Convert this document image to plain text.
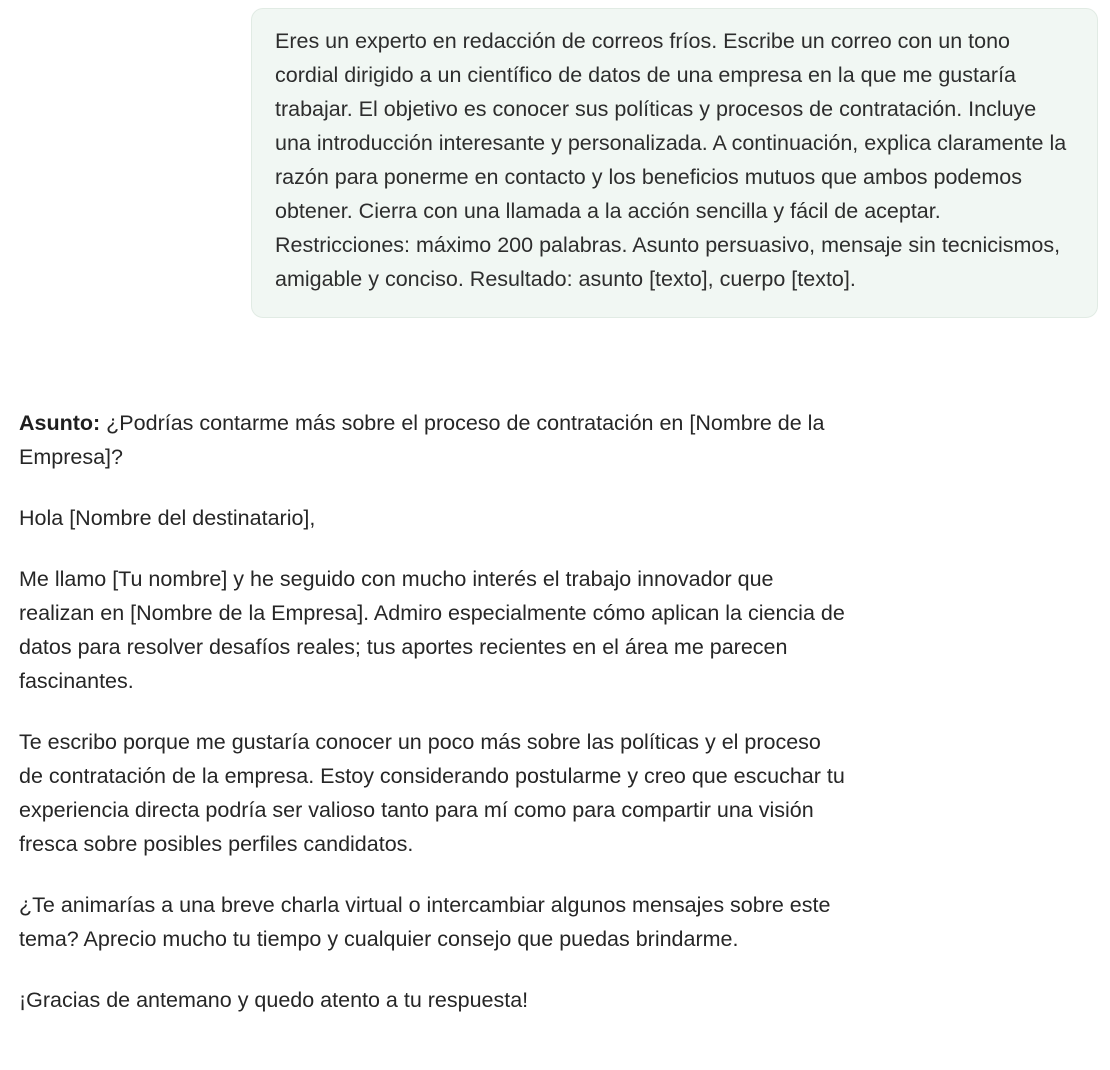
Eres un experto en redacción de correos fríos. Escribe un correo con un tono cordial dirigido a un científico de datos de una empresa en la que me gustaría trabajar. El objetivo es conocer sus políticas y procesos de contratación. Incluye una introducción interesante y personalizada. A continuación, explica claramente la razón para ponerme en contacto y los beneficios mutuos que ambos podemos obtener. Cierra con una llamada a la acción sencilla y fácil de aceptar. Restricciones: máximo 200 palabras. Asunto persuasivo, mensaje sin tecnicismos, amigable y conciso. Resultado: asunto [texto], cuerpo [texto].

Asunto: ¿Podrías contarme más sobre el proceso de contratación en [Nombre de la Empresa]?

Hola [Nombre del destinatario],

Me llamo [Tu nombre] y he seguido con mucho interés el trabajo innovador que realizan en [Nombre de la Empresa]. Admiro especialmente cómo aplican la ciencia de datos para resolver desafíos reales; tus aportes recientes en el área me parecen fascinantes.

Te escribo porque me gustaría conocer un poco más sobre las políticas y el proceso de contratación de la empresa. Estoy considerando postularme y creo que escuchar tu experiencia directa podría ser valioso tanto para mí como para compartir una visión fresca sobre posibles perfiles candidatos.

¿Te animarías a una breve charla virtual o intercambiar algunos mensajes sobre este tema? Aprecio mucho tu tiempo y cualquier consejo que puedas brindarme.

¡Gracias de antemano y quedo atento a tu respuesta!
